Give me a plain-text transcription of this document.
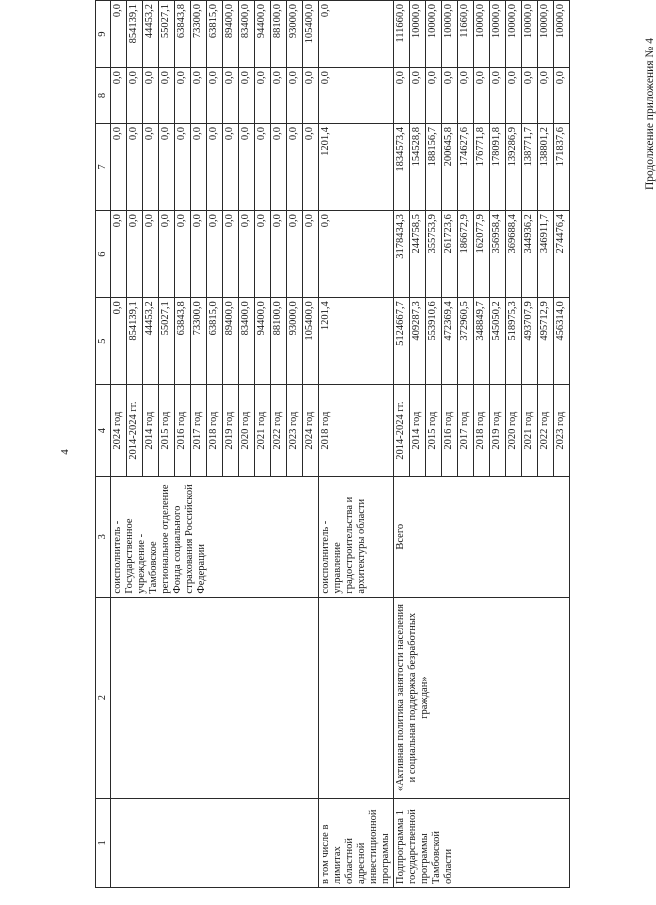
4
Продолжение приложения № 4
1	2	3	4	5	6	7	8	9
		соисполнитель - Государственное учреждение - Тамбовское региональное отделение Фонда социального страхования Российской Федерации	2024 год	0,0	0,0	0,0	0,0	0,0
			2014-2024 гг.	854139,1	0,0	0,0	0,0	854139,1
			2014 год	44453,2	0,0	0,0	0,0	44453,2
			2015 год	55027,1	0,0	0,0	0,0	55027,1
			2016 год	63843,8	0,0	0,0	0,0	63843,8
			2017 год	73300,0	0,0	0,0	0,0	73300,0
			2018 год	63815,0	0,0	0,0	0,0	63815,0
			2019 год	89400,0	0,0	0,0	0,0	89400,0
			2020 год	83400,0	0,0	0,0	0,0	83400,0
			2021 год	94400,0	0,0	0,0	0,0	94400,0
			2022 год	88100,0	0,0	0,0	0,0	88100,0
			2023 год	93000,0	0,0	0,0	0,0	93000,0
			2024 год	105400,0	0,0	0,0	0,0	105400,0
в том числе в лимитах областной адресной инвестиционной программы		соисполнитель - управление градостроительства и архитектуры области	2018 год	1201,4	0,0	1201,4	0,0	0,0
Подпрограмма 1 государственной программы Тамбовской области	«Активная политика занятости населения и социальная поддержка безработных граждан»	Всего	2014-2024 гг.	5124667,7	3178434,3	1834573,4	0,0	111660,0
			2014 год	409287,3	244758,5	154528,8	0,0	10000,0
			2015 год	553910,6	355753,9	188156,7	0,0	10000,0
			2016 год	472369,4	261723,6	200645,8	0,0	10000,0
			2017 год	372960,5	186672,9	174627,6	0,0	11660,0
			2018 год	348849,7	162077,9	176771,8	0,0	10000,0
			2019 год	545050,2	356958,4	178091,8	0,0	10000,0
			2020 год	518975,3	369688,4	139286,9	0,0	10000,0
			2021 год	493707,9	344936,2	138771,7	0,0	10000,0
			2022 год	495712,9	346911,7	138801,2	0,0	10000,0
			2023 год	456314,0	274476,4	171837,6	0,0	10000,0
